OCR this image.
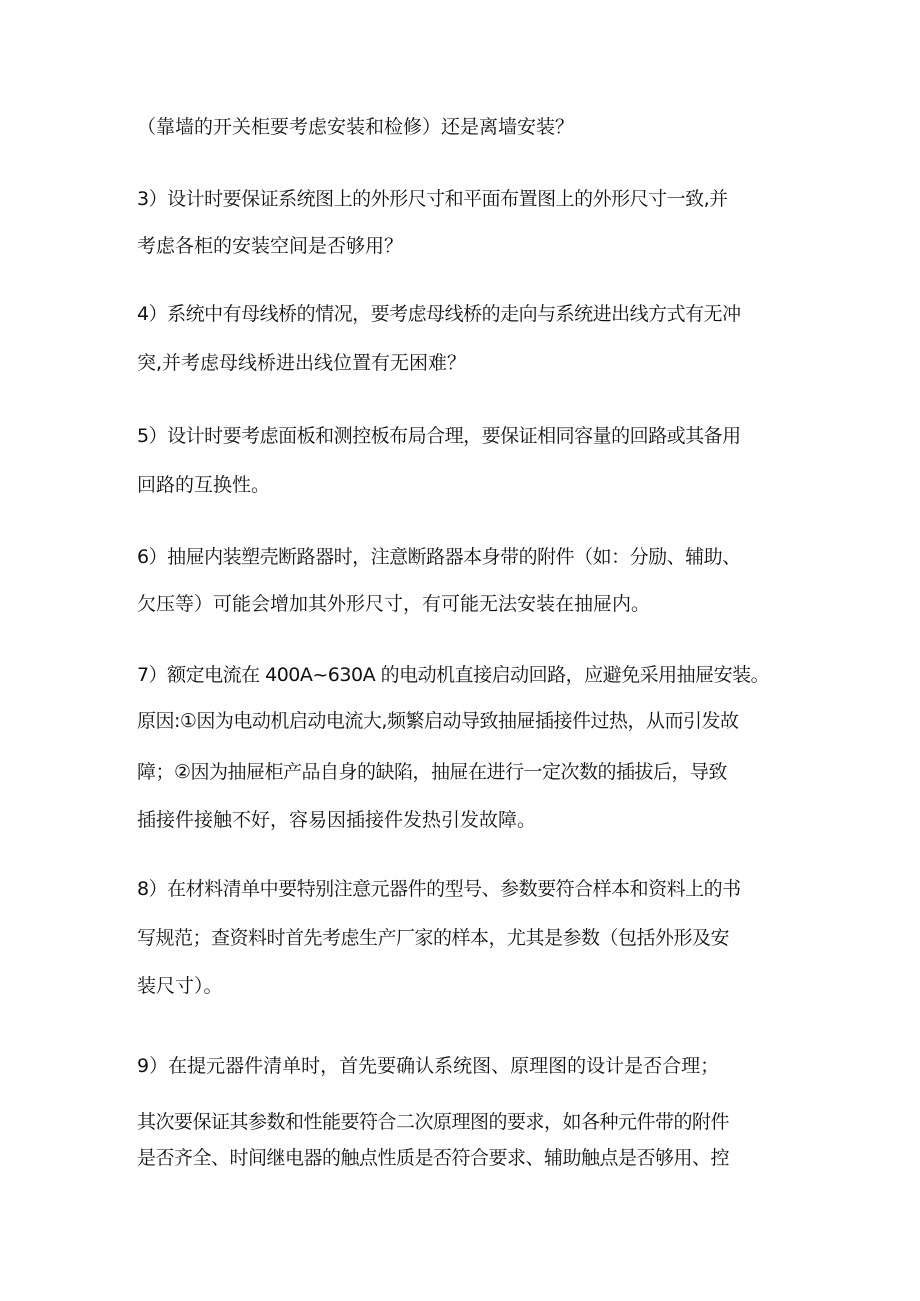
（靠墙的开关柜要考虑安装和检修）还是离墙安装？
3）设计时要保证系统图上的外形尺寸和平面布置图上的外形尺寸一致,并
考虑各柜的安装空间是否够用？
4）系统中有母线桥的情况，要考虑母线桥的走向与系统进出线方式有无冲
突,并考虑母线桥进出线位置有无困难？
5）设计时要考虑面板和测控板布局合理，要保证相同容量的回路或其备用
回路的互换性。
6）抽屉内装塑壳断路器时，注意断路器本身带的附件（如：分励、辅助、
欠压等）可能会增加其外形尺寸，有可能无法安装在抽屉内。
7）额定电流在 400A~630A 的电动机直接启动回路，应避免采用抽屉安装。
原因:①因为电动机启动电流大,频繁启动导致抽屉插接件过热，从而引发故
障；②因为抽屉柜产品自身的缺陷，抽屉在进行一定次数的插拔后，导致
插接件接触不好，容易因插接件发热引发故障。
8）在材料清单中要特别注意元器件的型号、参数要符合样本和资料上的书
写规范；查资料时首先考虑生产厂家的样本，尤其是参数（包括外形及安
装尺寸）。
9）在提元器件清单时，首先要确认系统图、原理图的设计是否合理；
其次要保证其参数和性能要符合二次原理图的要求，如各种元件带的附件
是否齐全、时间继电器的触点性质是否符合要求、辅助触点是否够用、控
